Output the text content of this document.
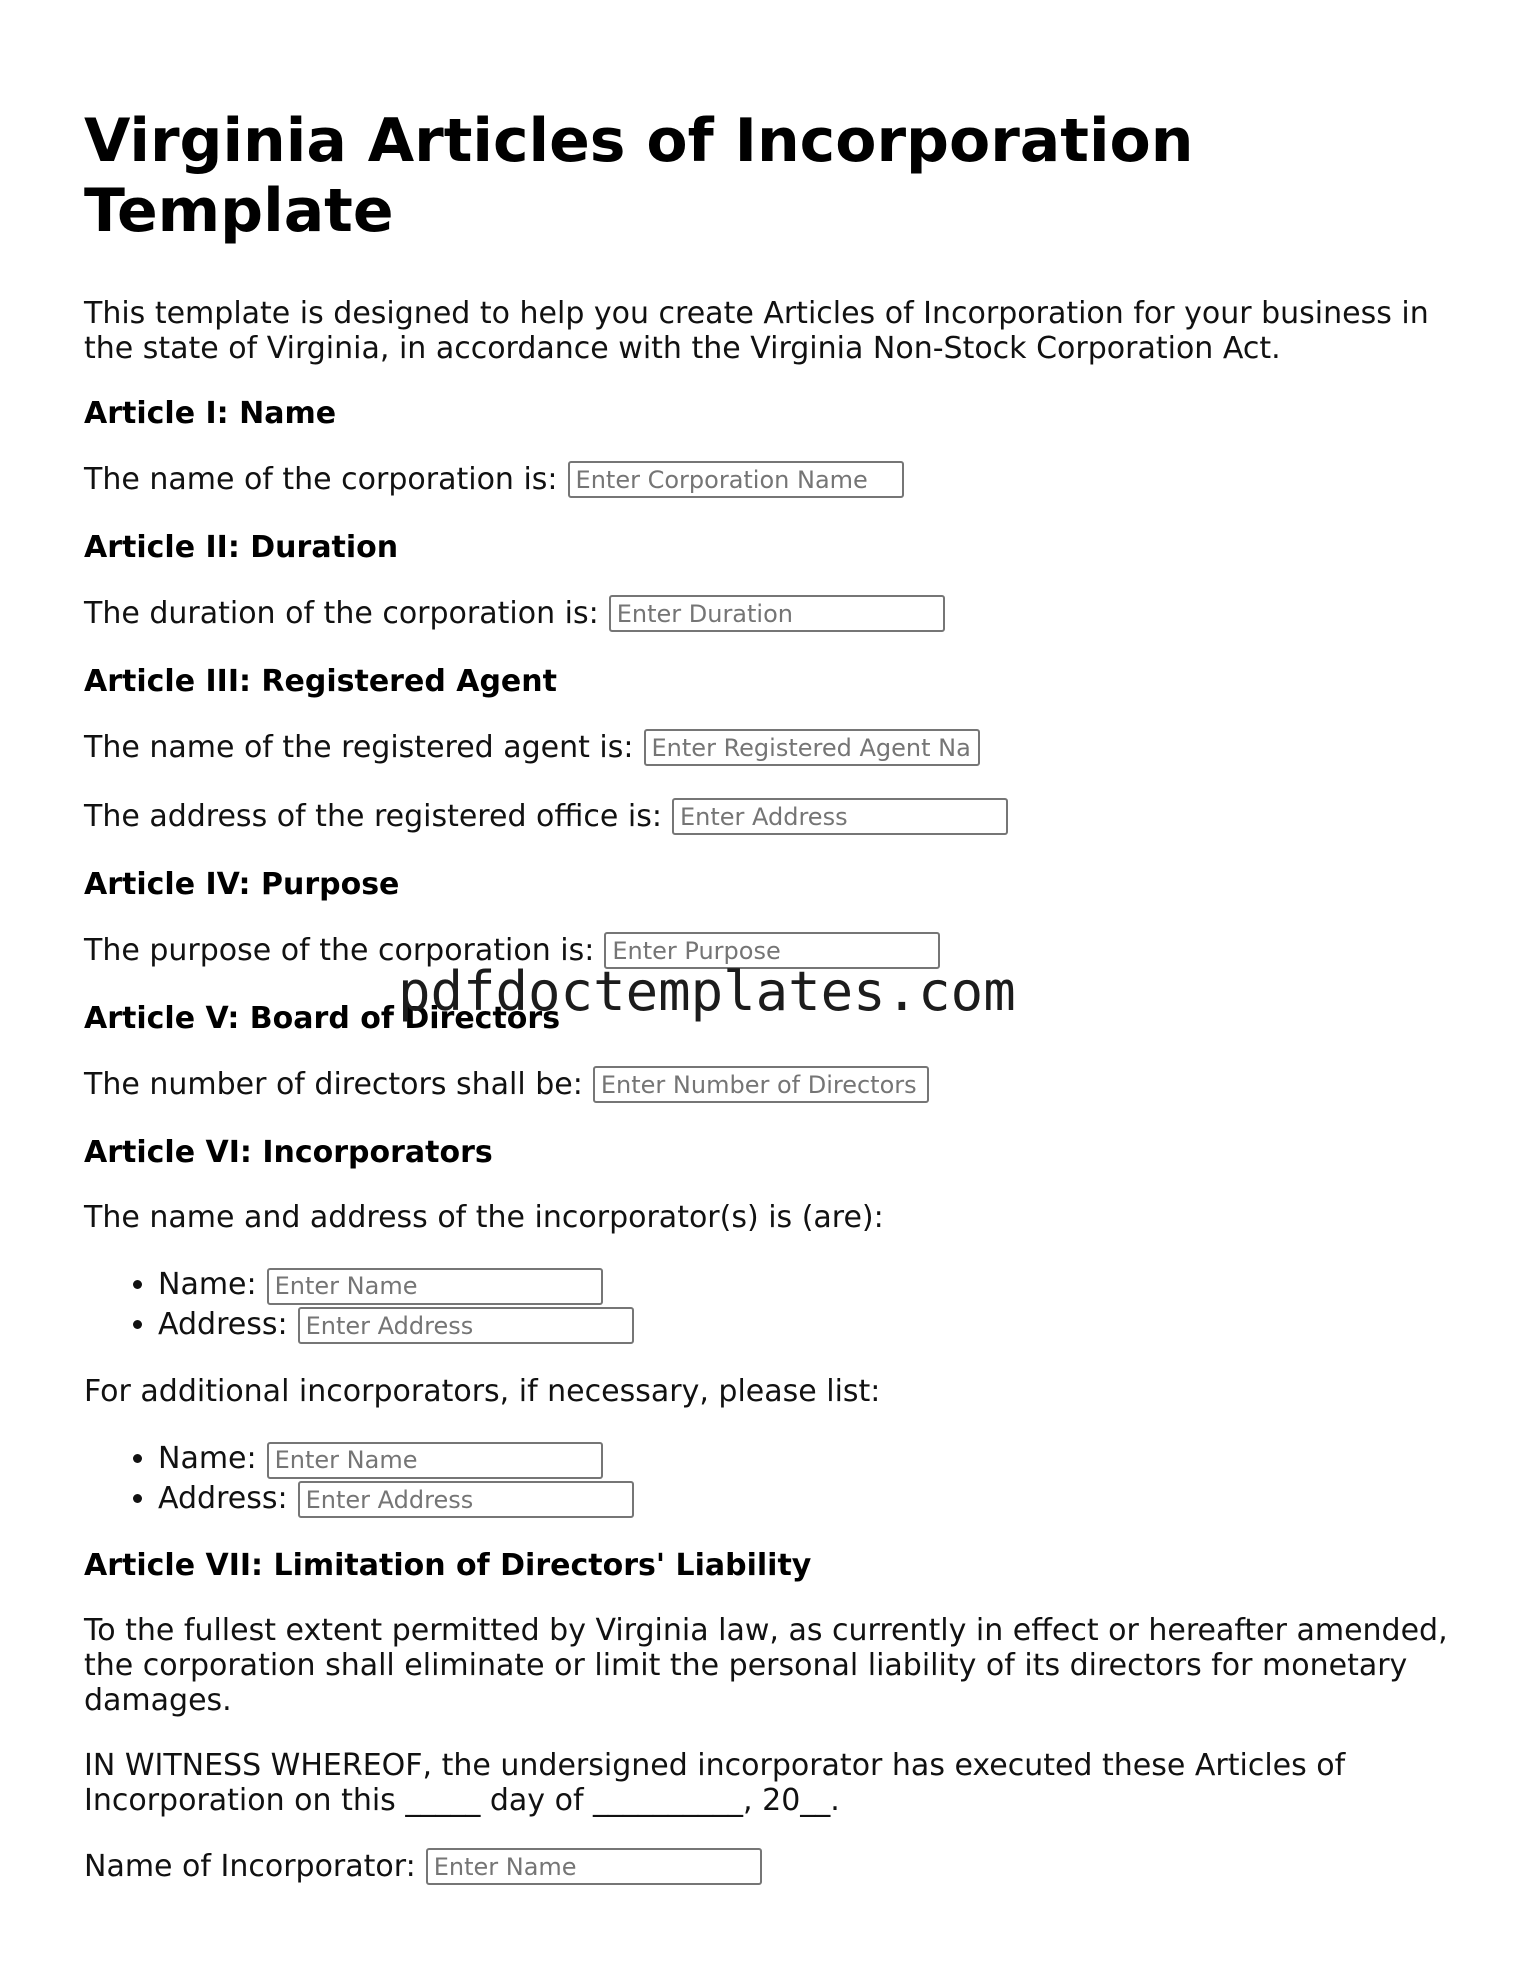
Virginia Articles of Incorporation Template

This template is designed to help you create Articles of Incorporation for your business in the state of Virginia, in accordance with the Virginia Non-Stock Corporation Act.

Article I: Name
The name of the corporation is:
Enter Corporation Name
Article II: Duration
The duration of the corporation is:
Enter Duration
Article III: Registered Agent
The name of the registered agent is:
Enter Registered Agent Name
The address of the registered office is:
Enter Address
Article IV: Purpose
The purpose of the corporation is:
Enter Purpose
Article V: Board of Directors
The number of directors shall be:
Enter Number of Directors
Article VI: Incorporators

The name and address of the incorporator(s) is (are):

• Name:Enter Name
• Address:Enter Address

For additional incorporators, if necessary, please list:

• Name:Enter Name
• Address:Enter Address
Article VII: Limitation of Directors' Liability

To the fullest extent permitted by Virginia law, as currently in effect or hereafter amended, the corporation shall eliminate or limit the personal liability of its directors for monetary damages.

IN WITNESS WHEREOF, the undersigned incorporator has executed these Articles of Incorporation on this _____ day of __________, 20__.

Name of Incorporator:
Enter Name
pdfdoctemplates.com
